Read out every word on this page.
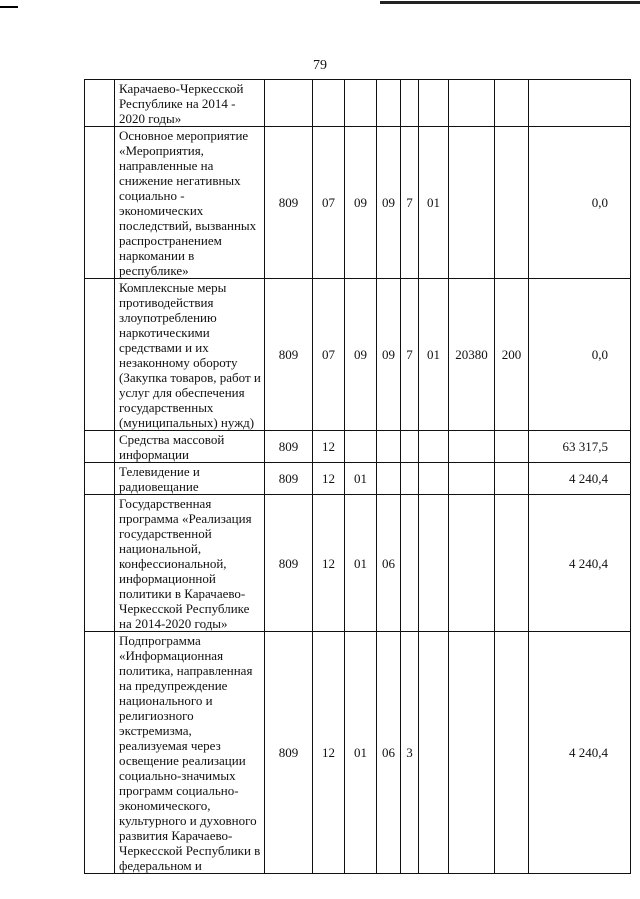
79
	Карачаево-Черкесской Республике на 2014 - 2020 годы»									
	Основное мероприятие «Мероприятия, направленные на снижение негативных социально - экономических последствий, вызванных распространением наркомании в республике»	809	07	09	09	7	01			0,0
	Комплексные меры противодействия злоупотреблению наркотическими средствами и их незаконному обороту (Закупка товаров, работ и услуг для обеспечения государственных (муниципальных) нужд)	809	07	09	09	7	01	20380	200	0,0
	Средства массовой информации	809	12							63 317,5
	Телевидение и радиовещание	809	12	01						4 240,4
	Государственная программа «Реализация государственной национальной, конфессиональной, информационной политики в Карачаево-Черкесской Республике на 2014-2020 годы»	809	12	01	06					4 240,4
	Подпрограмма «Информационная политика, направленная на предупреждение национального и религиозного экстремизма, реализуемая через освещение реализации социально-значимых программ социально-экономического, культурного и духовного развития Карачаево-Черкесской Республики в федеральном и	809	12	01	06	3				4 240,4
